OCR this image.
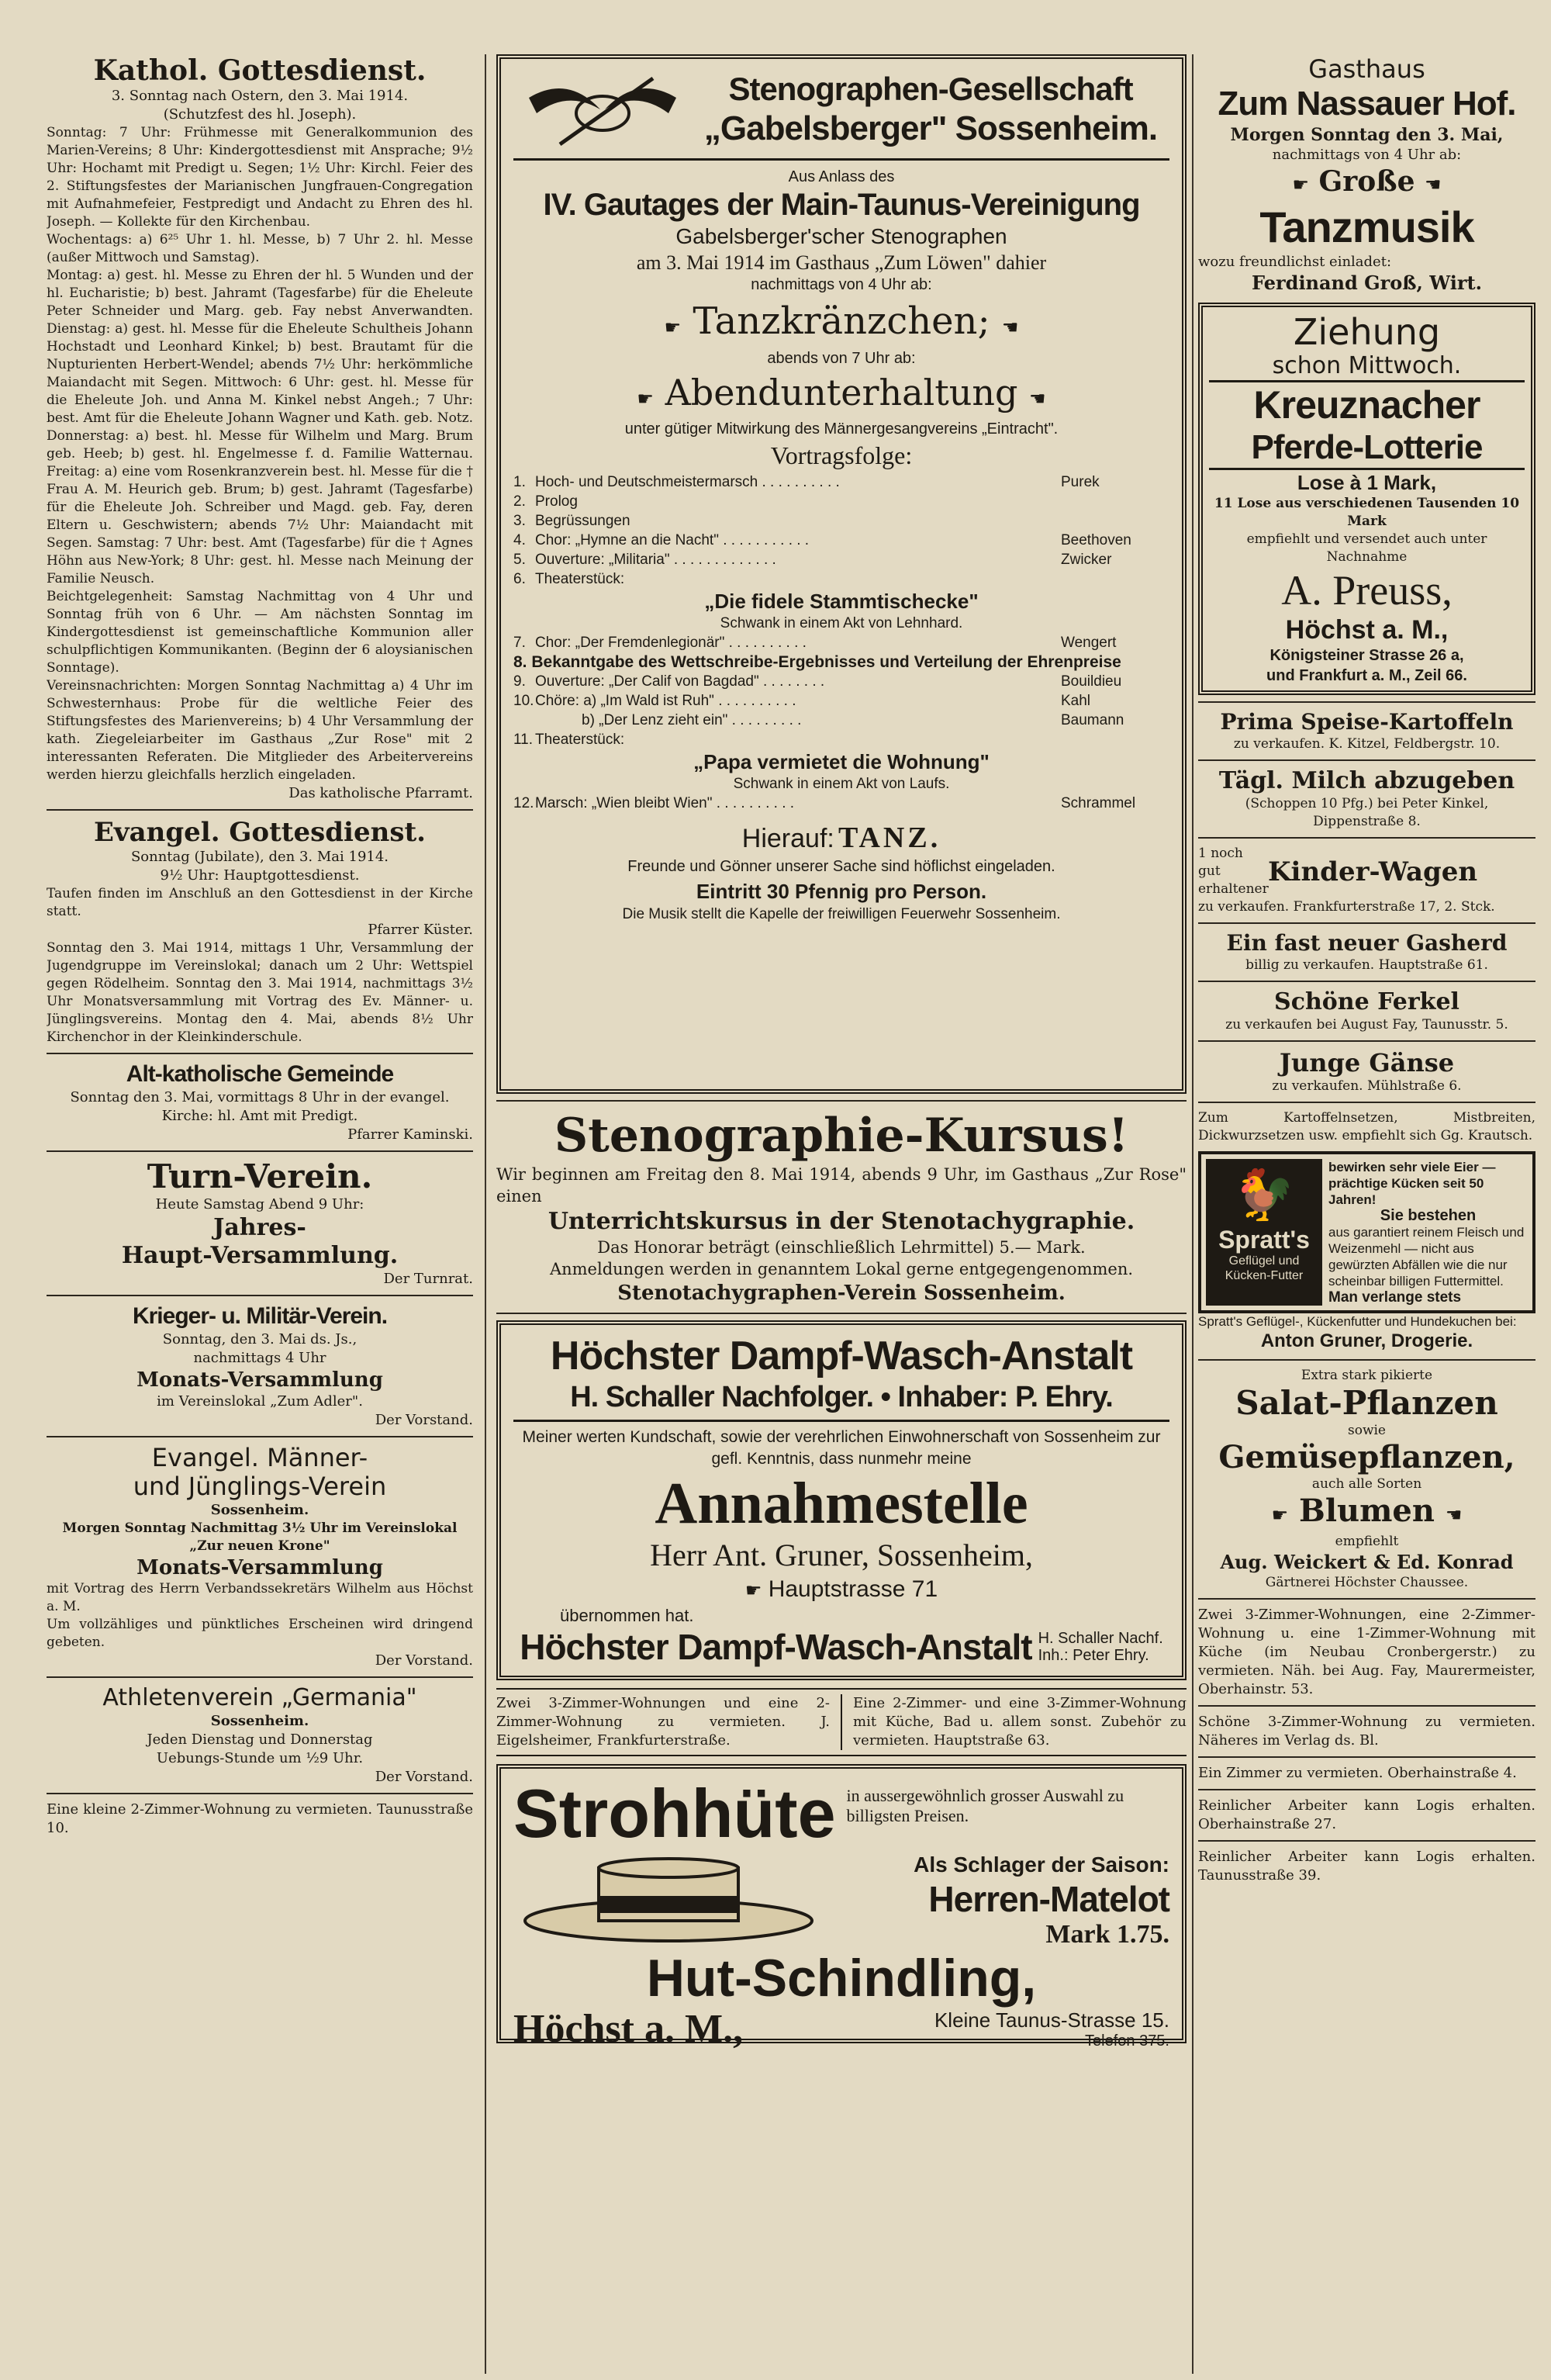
Kathol. Gottesdienst.
3. Sonntag nach Ostern, den 3. Mai 1914.
(Schutzfest des hl. Joseph).
Sonntag: 7 Uhr: Frühmesse mit Generalkommunion des Marien-Vereins; 8 Uhr: Kindergottesdienst mit Ansprache; 9½ Uhr: Hochamt mit Predigt u. Segen; 1½ Uhr: Kirchl. Feier des 2. Stiftungsfestes der Marianischen Jungfrauen-Congregation mit Aufnahmefeier, Festpredigt und Andacht zu Ehren des hl. Joseph. — Kollekte für den Kirchenbau.
Wochentags: a) 6²⁵ Uhr 1. hl. Messe, b) 7 Uhr 2. hl. Messe (außer Mittwoch und Samstag).
Montag: a) gest. hl. Messe zu Ehren der hl. 5 Wunden und der hl. Eucharistie; b) best. Jahramt (Tagesfarbe) für die Eheleute Peter Schneider und Marg. geb. Fay nebst Anverwandten. Dienstag: a) gest. hl. Messe für die Eheleute Schultheis Johann Hochstadt und Leonhard Kinkel; b) best. Brautamt für die Nupturienten Herbert-Wendel; abends 7½ Uhr: herkömmliche Maiandacht mit Segen. Mittwoch: 6 Uhr: gest. hl. Messe für die Eheleute Joh. und Anna M. Kinkel nebst Angeh.; 7 Uhr: best. Amt für die Eheleute Johann Wagner und Kath. geb. Notz. Donnerstag: a) best. hl. Messe für Wilhelm und Marg. Brum geb. Heeb; b) gest. hl. Engelmesse f. d. Familie Watternau. Freitag: a) eine vom Rosenkranzverein best. hl. Messe für die † Frau A. M. Heurich geb. Brum; b) gest. Jahramt (Tagesfarbe) für die Eheleute Joh. Schreiber und Magd. geb. Fay, deren Eltern u. Geschwistern; abends 7½ Uhr: Maiandacht mit Segen. Samstag: 7 Uhr: best. Amt (Tagesfarbe) für die † Agnes Höhn aus New-York; 8 Uhr: gest. hl. Messe nach Meinung der Familie Neusch.
Beichtgelegenheit: Samstag Nachmittag von 4 Uhr und Sonntag früh von 6 Uhr. — Am nächsten Sonntag im Kindergottesdienst ist gemeinschaftliche Kommunion aller schulpflichtigen Kommunikanten. (Beginn der 6 aloysianischen Sonntage).
Vereinsnachrichten: Morgen Sonntag Nachmittag a) 4 Uhr im Schwesternhaus: Probe für die weltliche Feier des Stiftungsfestes des Marienvereins; b) 4 Uhr Versammlung der kath. Ziegeleiarbeiter im Gasthaus „Zur Rose" mit 2 interessanten Referaten. Die Mitglieder des Arbeitervereins werden hierzu gleichfalls herzlich eingeladen.
Das katholische Pfarramt.
Evangel. Gottesdienst.
Sonntag (Jubilate), den 3. Mai 1914.
9½ Uhr: Hauptgottesdienst.
Taufen finden im Anschluß an den Gottesdienst in der Kirche statt.
Pfarrer Küster.
Sonntag den 3. Mai 1914, mittags 1 Uhr, Versammlung der Jugendgruppe im Vereinslokal; danach um 2 Uhr: Wettspiel gegen Rödelheim. Sonntag den 3. Mai 1914, nachmittags 3½ Uhr Monatsversammlung mit Vortrag des Ev. Männer- u. Jünglingsvereins. Montag den 4. Mai, abends 8½ Uhr Kirchenchor in der Kleinkinderschule.
Alt-katholische Gemeinde
Sonntag den 3. Mai, vormittags 8 Uhr in der evangel. Kirche: hl. Amt mit Predigt.
Pfarrer Kaminski.
Turn-Verein.
Heute Samstag Abend 9 Uhr:
Jahres-
Haupt-Versammlung.
Der Turnrat.
Krieger- u. Militär-Verein.
Sonntag, den 3. Mai ds. Js.,
nachmittags 4 Uhr
Monats-Versammlung
im Vereinslokal „Zum Adler".
Der Vorstand.
Evangel. Männer-
und Jünglings-Verein
Sossenheim.
Morgen Sonntag Nachmittag 3½ Uhr im Vereinslokal „Zur neuen Krone"
Monats-Versammlung
mit Vortrag des Herrn Verbandssekretärs Wilhelm aus Höchst a. M.
Um vollzähliges und pünktliches Erscheinen wird dringend gebeten.
Der Vorstand.
Athletenverein „Germania"
Sossenheim.
Jeden Dienstag und Donnerstag
Uebungs-Stunde um ½9 Uhr.
Der Vorstand.
Eine kleine 2-Zimmer-Wohnung zu vermieten. Taunusstraße 10.
Stenographen-Gesellschaft
„Gabelsberger" Sossenheim.
Aus Anlass des
IV. Gautages der Main-Taunus-Vereinigung
Gabelsberger'scher Stenographen
am 3. Mai 1914 im Gasthaus „Zum Löwen" dahier
nachmittags von 4 Uhr ab:
☛ Tanzkränzchen; ☚
abends von 7 Uhr ab:
☛ Abendunterhaltung ☚
unter gütiger Mitwirkung des Männergesangvereins „Eintracht".
Vortragsfolge:
1. Hoch- und Deutschmeistermarsch . . . . . . . . . .	Purek
2. Prolog
3. Begrüssungen
4. Chor: „Hymne an die Nacht" . . . . . . . . . . .	Beethoven
5. Ouverture: „Militaria" . . . . . . . . . . . . .	Zwicker
6. Theaterstück:
„Die fidele Stammtischecke"
Schwank in einem Akt von Lehnhard.
7. Chor: „Der Fremdenlegionär" . . . . . . . . . .	Wengert
8. Bekanntgabe des Wettschreibe-Ergebnisses und Verteilung der Ehrenpreise
9. Ouverture: „Der Calif von Bagdad" . . . . . . . .	Bouildieu
10. Chöre: a) „Im Wald ist Ruh" . . . . . . . . . .	Kahl
b) „Der Lenz zieht ein" . . . . . . . . .	Baumann
11. Theaterstück:
„Papa vermietet die Wohnung"
Schwank in einem Akt von Laufs.
12. Marsch: „Wien bleibt Wien" . . . . . . . . . .	Schrammel
Hierauf: TANZ.
Freunde und Gönner unserer Sache sind höflichst eingeladen.
Eintritt 30 Pfennig pro Person.
Die Musik stellt die Kapelle der freiwilligen Feuerwehr Sossenheim.
Stenographie-Kursus!
Wir beginnen am Freitag den 8. Mai 1914, abends 9 Uhr, im Gasthaus „Zur Rose" einen
Unterrichtskursus in der Stenotachygraphie.
Das Honorar beträgt (einschließlich Lehrmittel) 5.— Mark.
Anmeldungen werden in genanntem Lokal gerne entgegengenommen.
Stenotachygraphen-Verein Sossenheim.
Höchster Dampf-Wasch-Anstalt
H. Schaller Nachfolger. • Inhaber: P. Ehry.
Meiner werten Kundschaft, sowie der verehrlichen Einwohnerschaft von Sossenheim zur gefl. Kenntnis, dass nunmehr meine
Annahmestelle
Herr Ant. Gruner, Sossenheim,
☛ Hauptstrasse 71
übernommen hat.
Höchster Dampf-Wasch-Anstalt H. Schaller Nachf.
Inh.: Peter Ehry.
Zwei 3-Zimmer-Wohnungen und eine 2-Zimmer-Wohnung zu vermieten. J. Eigelsheimer, Frankfurterstraße.
Eine 2-Zimmer- und eine 3-Zimmer-Wohnung mit Küche, Bad u. allem sonst. Zubehör zu vermieten. Hauptstraße 63.
Strohhüte in aussergewöhnlich grosser Auswahl zu billigsten Preisen.
Als Schlager der Saison:
Herren-Matelot
Mark 1.75.
Hut-Schindling,
Höchst a. M.,	Kleine Taunus-Strasse 15.
Telefon 375.
Gasthaus
Zum Nassauer Hof.
Morgen Sonntag den 3. Mai,
nachmittags von 4 Uhr ab:
☛ Große ☚
Tanzmusik
wozu freundlichst einladet:
Ferdinand Groß, Wirt.
Ziehung
schon Mittwoch.
Kreuznacher
Pferde-Lotterie
Lose à 1 Mark,
11 Lose aus verschiedenen Tausenden 10 Mark
empfiehlt und versendet auch unter Nachnahme
A. Preuss,
Höchst a. M.,
Königsteiner Strasse 26 a,
und Frankfurt a. M., Zeil 66.
Prima Speise-Kartoffeln
zu verkaufen. K. Kitzel, Feldbergstr. 10.
Tägl. Milch abzugeben
(Schoppen 10 Pfg.) bei Peter Kinkel, Dippenstraße 8.
1 noch gut erhaltener
Kinder-Wagen
zu verkaufen. Frankfurterstraße 17, 2. Stck.
Ein fast neuer Gasherd
billig zu verkaufen. Hauptstraße 61.
Schöne Ferkel
zu verkaufen bei August Fay, Taunusstr. 5.
Junge Gänse
zu verkaufen. Mühlstraße 6.
Zum Kartoffelnsetzen, Mistbreiten, Dickwurzsetzen usw. empfiehlt sich Gg. Krautsch.
🐓
Spratt's
Geflügel und Kücken-Futter
bewirken sehr viele Eier — prächtige Kücken seit 50 Jahren!
Sie bestehen
aus garantiert reinem Fleisch und Weizenmehl — nicht aus gewürzten Abfällen wie die nur scheinbar billigen Futtermittel.
Man verlange stets
Spratt's Geflügel-, Kückenfutter und Hundekuchen bei:
Anton Gruner, Drogerie.
Extra stark pikierte
Salat-Pflanzen
sowie
Gemüsepflanzen,
auch alle Sorten
☛ Blumen ☚
empfiehlt
Aug. Weickert & Ed. Konrad
Gärtnerei Höchster Chaussee.
Zwei 3-Zimmer-Wohnungen, eine 2-Zimmer-Wohnung u. eine 1-Zimmer-Wohnung mit Küche (im Neubau Cronbergerstr.) zu vermieten. Näh. bei Aug. Fay, Maurermeister, Oberhainstr. 53.
Schöne 3-Zimmer-Wohnung zu vermieten. Näheres im Verlag ds. Bl.
Ein Zimmer zu vermieten. Oberhainstraße 4.
Reinlicher Arbeiter kann Logis erhalten. Oberhainstraße 27.
Reinlicher Arbeiter kann Logis erhalten. Taunusstraße 39.
